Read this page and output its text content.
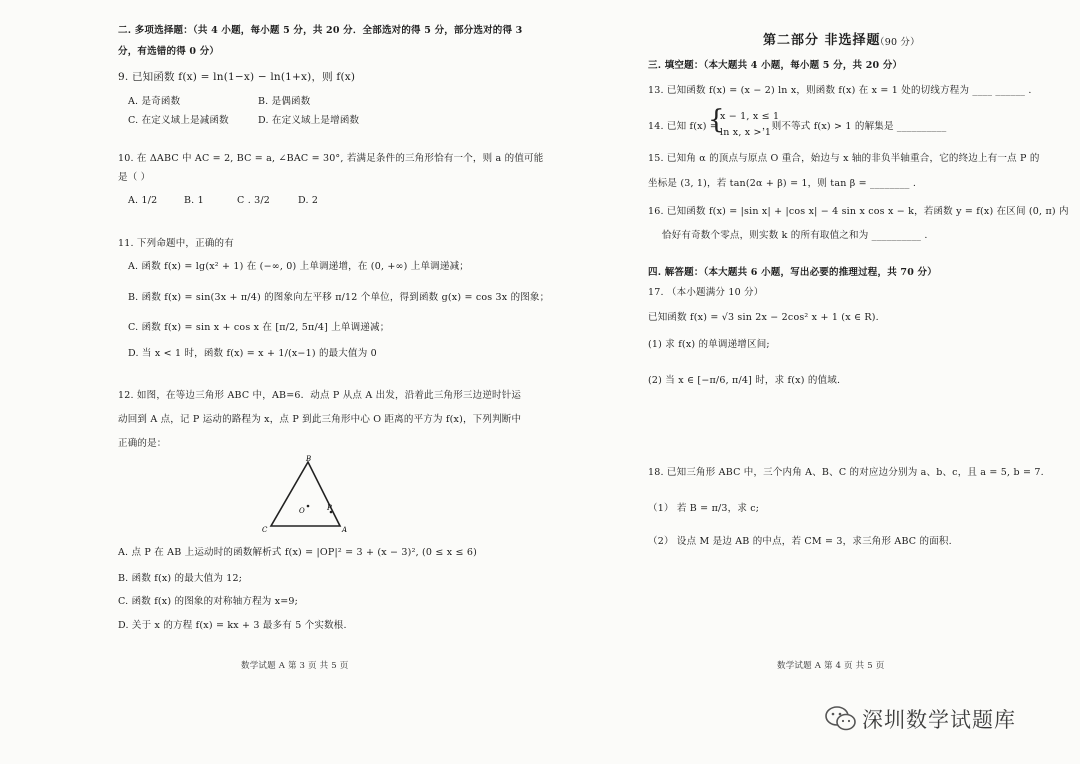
二. 多项选择题：（共 4 小题，每小题 5 分，共 20 分．全部选对的得 5 分，部分选对的得 3
分，有选错的得 0 分）
9. 已知函数 f(x) = ln(1−x) − ln(1+x)，则 f(x)
A. 是奇函数	B. 是偶函数
C. 在定义域上是减函数	D. 在定义域上是增函数
10. 在 ΔABC 中 AC = 2, BC = a, ∠BAC = 30°, 若满足条件的三角形恰有一个，则 a 的值可能
是（ ）
A. 1/2	B. 1	C . 3/2	D. 2
11. 下列命题中，正确的有
A. 函数 f(x) = lg(x² + 1) 在 (−∞, 0) 上单调递增，在 (0, +∞) 上单调递减；
B. 函数 f(x) = sin(3x + π/4) 的图象向左平移 π/12 个单位，得到函数 g(x) = cos 3x 的图象；
C. 函数 f(x) = sin x + cos x 在 [π/2, 5π/4] 上单调递减；
D. 当 x < 1 时，函数 f(x) = x + 1/(x−1) 的最大值为 0
12. 如图，在等边三角形 ABC 中，AB=6．动点 P 从点 A 出发，沿着此三角形三边逆时针运
动回到 A 点，记 P 运动的路程为 x，点 P 到此三角形中心 O 距离的平方为 f(x)，下列判断中
正确的是：
B
C	A
O	P
A. 点 P 在 AB 上运动时的函数解析式 f(x) = |OP|² = 3 + (x − 3)², (0 ≤ x ≤ 6)
B. 函数 f(x) 的最大值为 12;
C. 函数 f(x) 的图象的对称轴方程为 x=9;
D. 关于 x 的方程 f(x) = kx + 3 最多有 5 个实数根.
数学试题 A 第 3 页 共 5 页
第二部分 非选择题
（90 分）
三. 填空题：（本大题共 4 小题，每小题 5 分，共 20 分）
13. 已知函数 f(x) = (x − 2) ln x，则函数 f(x) 在 x = 1 处的切线方程为 ____ ______ .
14. 已知 f(x) =
{
x − 1, x ≤ 1
ln x, x > 1
，则不等式 f(x) > 1 的解集是 __________
15. 已知角 α 的顶点与原点 O 重合，始边与 x 轴的非负半轴重合，它的终边上有一点 P 的
坐标是 (3, 1)，若 tan(2α + β) = 1，则 tan β = ________ .
16. 已知函数 f(x) = |sin x| + |cos x| − 4 sin x cos x − k，若函数 y = f(x) 在区间 (0, π) 内
恰好有奇数个零点，则实数 k 的所有取值之和为 __________ .
四. 解答题：（本大题共 6 小题，写出必要的推理过程，共 70 分）
17. （本小题满分 10 分）
已知函数 f(x) = √3 sin 2x − 2cos² x + 1 (x ∈ R).
(1) 求 f(x) 的单调递增区间;
(2) 当 x ∈ [−π/6, π/4] 时，求 f(x) 的值域.
18. 已知三角形 ABC 中，三个内角 A、B、C 的对应边分别为 a、b、c，且 a = 5, b = 7.
（1） 若 B = π/3，求 c;
（2） 设点 M 是边 AB 的中点，若 CM = 3，求三角形 ABC 的面积.
数学试题 A 第 4 页 共 5 页
深圳数学试题库
